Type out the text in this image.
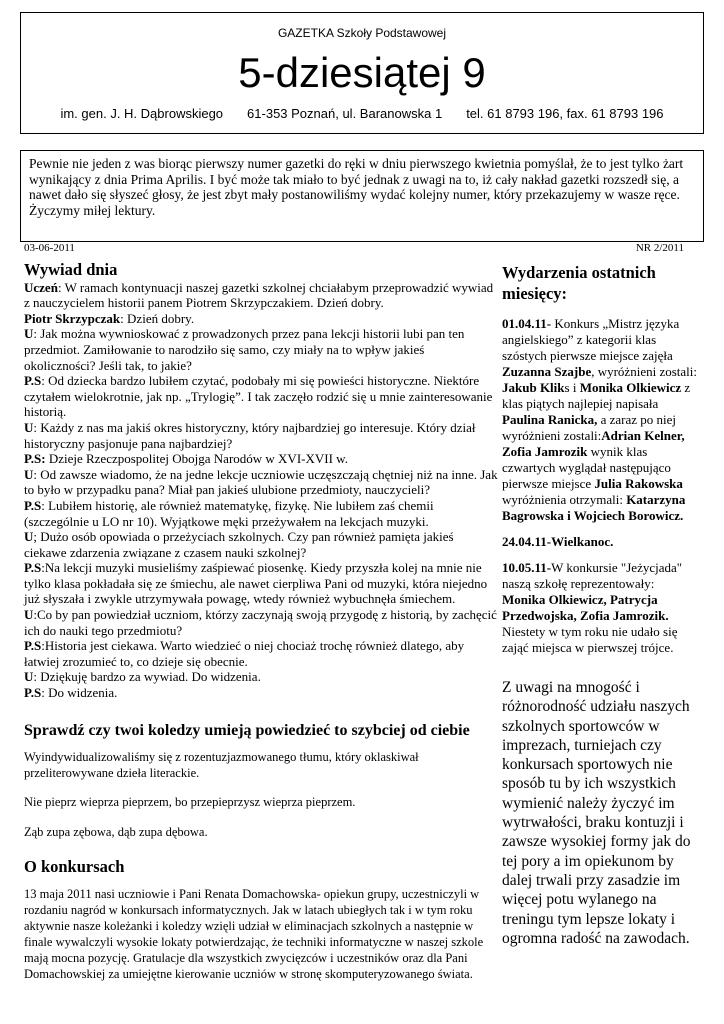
GAZETKA Szkoły Podstawowej
5-dziesiątej 9
im. gen. J. H. Dąbrowskiego 61-353 Poznań, ul. Baranowska 1 tel. 61 8793 196, fax. 61 8793 196
Pewnie nie jeden z was biorąc pierwszy numer gazetki do ręki w dniu pierwszego kwietnia pomyślał, że to jest tylko żart wynikający z dnia Prima Aprilis. I być może tak miało to być jednak z uwagi na to, iż cały nakład gazetki rozszedł się, a nawet dało się słyszeć głosy, że jest zbyt mały postanowiliśmy wydać kolejny numer, który przekazujemy w wasze ręce.
Życzymy miłej lektury.
03-06-2011	NR 2/2011
Wywiad dnia

Uczeń: W ramach kontynuacji naszej gazetki szkolnej chciałabym przeprowadzić wywiad z nauczycielem historii panem Piotrem Skrzypczakiem. Dzień dobry.

Piotr Skrzypczak: Dzień dobry.

U: Jak można wywnioskować z prowadzonych przez pana lekcji historii lubi pan ten przedmiot. Zamiłowanie to narodziło się samo, czy miały na to wpływ jakieś okoliczności? Jeśli tak, to jakie?

P.S: Od dziecka bardzo lubiłem czytać, podobały mi się powieści historyczne. Niektóre czytałem wielokrotnie, jak np. „Trylogię”. I tak zaczęło rodzić się u mnie zainteresowanie historią.

U: Każdy z nas ma jakiś okres historyczny, który najbardziej go interesuje. Który dział historyczny pasjonuje pana najbardziej?

P.S: Dzieje Rzeczpospolitej Obojga Narodów w XVI-XVII w.

U: Od zawsze wiadomo, że na jedne lekcje uczniowie uczęszczają chętniej niż na inne. Jak to było w przypadku pana? Miał pan jakieś ulubione przedmioty, nauczycieli?

P.S: Lubiłem historię, ale również matematykę, fizykę. Nie lubiłem zaś chemii (szczególnie u LO nr 10). Wyjątkowe męki przeżywałem na lekcjach muzyki.

U; Dużo osób opowiada o przeżyciach szkolnych. Czy pan również pamięta jakieś ciekawe zdarzenia związane z czasem nauki szkolnej?

P.S:Na lekcji muzyki musieliśmy zaśpiewać piosenkę. Kiedy przyszła kolej na mnie nie tylko klasa pokładała się ze śmiechu, ale nawet cierpliwa Pani od muzyki, która niejedno już słyszała i zwykle utrzymywała powagę, wtedy również wybuchnęła śmiechem.

U:Co by pan powiedział uczniom, którzy zaczynają swoją przygodę z historią, by zachęcić ich do nauki tego przedmiotu?

P.S:Historia jest ciekawa. Warto wiedzieć o niej chociaż trochę również dlatego, aby łatwiej zrozumieć to, co dzieje się obecnie.

U: Dziękuję bardzo za wywiad. Do widzenia.

P.S: Do widzenia.

Sprawdź czy twoi koledzy umieją powiedzieć to szybciej od ciebie

Wyindywidualizowaliśmy się z rozentuzjazmowanego tłumu, który oklaskiwał przeliterowywane dzieła literackie.

Nie pieprz wieprza pieprzem, bo przepieprzysz wieprza pieprzem.

Ząb zupa zębowa, dąb zupa dębowa.

O konkursach

13 maja 2011 nasi uczniowie i Pani Renata Domachowska- opiekun grupy, uczestniczyli w rozdaniu nagród w konkursach informatycznych. Jak w latach ubiegłych tak i w tym roku aktywnie nasze koleżanki i koledzy wzięli udział w eliminacjach szkolnych a następnie w finale wywalczyli wysokie lokaty potwierdzając, że techniki informatyczne w naszej szkole mają mocna pozycję. Gratulacje dla wszystkich zwycięzców i uczestników oraz dla Pani Domachowskiej za umiejętne kierowanie uczniów w stronę skomputeryzowanego świata.

Wydarzenia ostatnich miesięcy:

01.04.11- Konkurs „Mistrz języka angielskiego” z kategorii klas szóstych pierwsze miejsce zajęła Zuzanna Szajbe, wyróżnieni zostali: Jakub Kliks i Monika Olkiewicz z klas piątych najlepiej napisała Paulina Ranicka, a zaraz po niej wyróżnieni zostali:Adrian Kelner, Zofia Jamrozik wynik klas czwartych wyglądał następująco pierwsze miejsce Julia Rakowska wyróżnienia otrzymali: Katarzyna Bagrowska i Wojciech Borowicz.

24.04.11-Wielkanoc.

10.05.11-W konkursie "Jeżycjada" naszą szkołę reprezentowały: Monika Olkiewicz, Patrycja Przedwojska, Zofia Jamrozik. Niestety w tym roku nie udało się zająć miejsca w pierwszej trójce.

Z uwagi na mnogość i różnorodność udziału naszych szkolnych sportowców w imprezach, turniejach czy konkursach sportowych nie sposób tu by ich wszystkich wymienić należy życzyć im wytrwałości, braku kontuzji i zawsze wysokiej formy jak do tej pory a im opiekunom by dalej trwali przy zasadzie im więcej potu wylanego na treningu tym lepsze lokaty i ogromna radość na zawodach.
